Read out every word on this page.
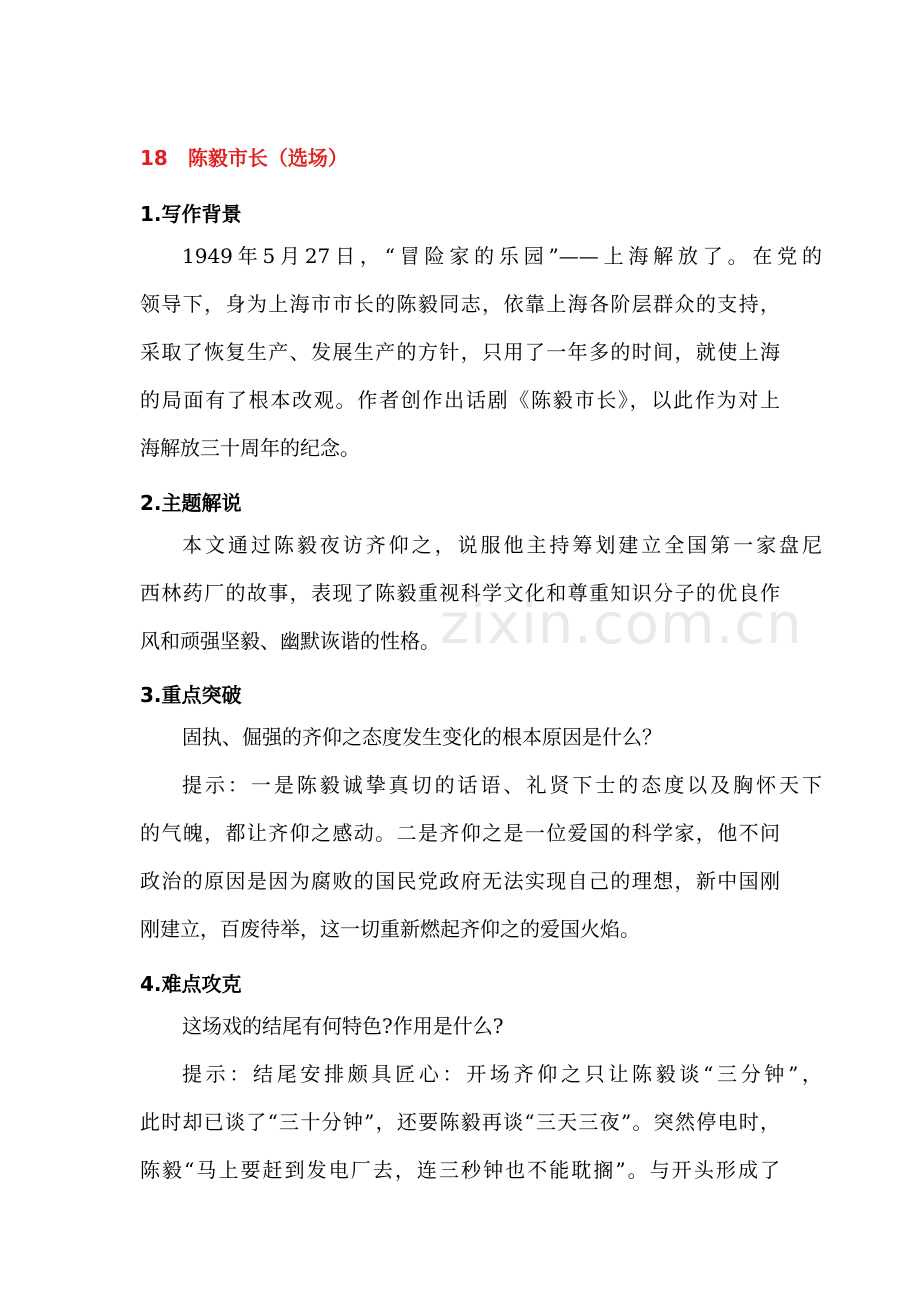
zixin.com.cn
18　陈毅市长（选场）
1.写作背景
1949年5月27日，“冒险家的乐园”——上海解放了。在党的
领导下，身为上海市市长的陈毅同志，依靠上海各阶层群众的支持，
采取了恢复生产、发展生产的方针，只用了一年多的时间，就使上海
的局面有了根本改观。作者创作出话剧《陈毅市长》，以此作为对上
海解放三十周年的纪念。
2.主题解说
本文通过陈毅夜访齐仰之，说服他主持筹划建立全国第一家盘尼
西林药厂的故事，表现了陈毅重视科学文化和尊重知识分子的优良作
风和顽强坚毅、幽默诙谐的性格。
3.重点突破
固执、倔强的齐仰之态度发生变化的根本原因是什么？
提示：一是陈毅诚挚真切的话语、礼贤下士的态度以及胸怀天下
的气魄，都让齐仰之感动。二是齐仰之是一位爱国的科学家，他不问
政治的原因是因为腐败的国民党政府无法实现自己的理想，新中国刚
刚建立，百废待举，这一切重新燃起齐仰之的爱国火焰。
4.难点攻克
这场戏的结尾有何特色?作用是什么?
提示：结尾安排颇具匠心：开场齐仰之只让陈毅谈“三分钟”，
此时却已谈了“三十分钟”，还要陈毅再谈“三天三夜”。突然停电时，
陈毅“马上要赶到发电厂去，连三秒钟也不能耽搁”。与开头形成了
